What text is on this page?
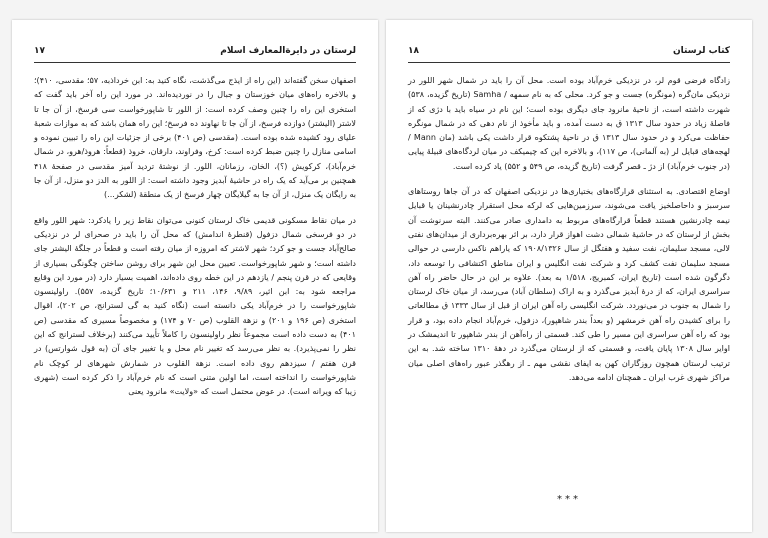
لرستان در دایرةالمعارف اسلام
۱۷

اصفهان سخن گفته‌اند (این راه از ایذج می‌گذشت، نگاه کنید به: ابن خرداذبه، ۵۷؛ مقدسی، ۴۱۰)؛ و بالاخره راه‌های میان خوزستان و جبال را در نوردیده‌اند. در مورد این راه آخر باید گفت که استخری این راه را چنین وصف کرده است: از اللور تا شاپورخواست سی فرسخ، از آن جا تا لاشتر (الیشتر) دوازده فرسخ، از آن جا تا نهاوند ده فرسخ؛ این راه همان باشد که به موازات شعبهٔ علیای رود کشیده شده بوده است. (مقدسی (ص ۴۰۱) برخی از جزئیات این راه را تبیین نموده و اسامی منازل را چنین ضبط کرده است: کرخ، وفراوند، دارقان، خروذ (قطعاً: هروذ/هرو، در شمال خرم‌آباد)، کرکویش (؟)، الخان، رزمانان، اللور. از نوشتهٔ تردید آمیز مقدسی در صفحهٔ ۴۱۸ همچنین بر می‌آید که یک راه در حاشیهٔ آبدیز وجود داشته است: از اللور به الدز دو منزل، از آن جا به رایگان یک منزل، از آن جا به گیلایگان چهار فرسخ از یک منطقهٔ (لشکر...)

در میان نقاط مسکونی قدیمی خاک لرستان کنونی می‌توان نقاط زیر را یادکرد: شهر اللور واقع در دو فرسخی شمال دزفول (قنطرهٔ اندامش) که محل آن را باید در صحرای لر در نزدیکی صالح‌آباد جست و جو کرد؛ شهر لاشتر که امروزه از میان رفته است و قطعاً در جلگهٔ الیشتر جای داشته است؛ و شهر شاپورخواست. تعیین محل این شهر برای روشن ساختن چگونگی بسیاری از وقایعی که در قرن پنجم / یازدهم در این خطه روی داده‌اند، اهمیت بسیار دارد (در مورد این وقایع مراجعه شود به: ابن اثیر، ۹/۸۹، ۱۴۶، ۲۱۱ و ۱۰/۶۳۱؛ تاریخ گزیده، ۵۵۷). راولینسون شاپورخواست را در خرم‌آباد یکی دانسته است (نگاه کنید به گی لسترانج، ص ۲۰۲)، اقوال استخری (ص ۱۹۶ و ۲۰۱) و نزهة القلوب (ص ۷۰ و ۱۷۴) و مخصوصاً مسیری که مقدسی (ص ۴۰۱) به دست داده است مجموعاً نظر راولینسون را کاملاً تأیید می‌کنند (برخلاف لسترانج که این نظر را نمی‌پذیرد). به نظر می‌رسد که تغییر نام محل و یا تغییر جای آن (به قول شوارتس) در قرن هفتم / سیزدهم روی داده است. نزهة القلوب در شمارش شهرهای لر کوچک نام شاپورخواست را انداخته است، اما اولین متنی است که نام خرم‌آباد را ذکر کرده است (شهری زیبا که ویرانه است). در عوض محتمل است که «ولایت» مانرود یعنی

کتاب لرستان
۱۸

زادگاه فرضی قوم لر، در نزدیکی خرم‌آباد بوده است. محل آن را باید در شمال شهر اللور در نزدیکی مان‌گره (مونگره) جست و جو کرد. محلی که به نام سمهه / Samha (تاریخ گزیده، ۵۳۸) شهرت داشته است، از ناحیهٔ مانرود جای دیگری بوده است؛ این نام در سیاه باید با دژی که از فاصلهٔ زیاد در حدود سال ۱۳۱۳ ق به دست آمده، و باید مأخوذ از نام دهی که در شمال مونگره حفاظت می‌کرد و در حدود سال ۱۳۱۳ ق در ناحیهٔ پشتکوه قرار داشت یکی باشد (مان Mann / لهجه‌های قبایل لر (به آلمانی)، ص ۱۱۷)، و بالاخره این که چیمیکف در میان لردگاه‌های قبیلهٔ پیایی (در جنوب خرم‌آباد) از دژ ـ قصر گرفت (تاریخ گزیده، ص ۵۴۹ و ۵۵۲) یاد کرده است.

اوضاع اقتصادی. به استثنای قرارگاه‌های بختیاری‌ها در نزدیکی اصفهان که در آن جاها روستاهای سرسبز و داحاصلخیز یافت می‌شوند، سرزمین‌هایی که لرکه محل استقرار چادرنشینان یا قبایل نیمه چادرنشین هستند قطعاً قرارگاه‌های مربوط به دامداری صادر می‌کنند. البته سرنوشت آن بخش از لرستان که در حاشیهٔ شمالی دشت اهواز قرار دارد، بر اثر بهره‌برداری از میدان‌های نفتی لالی، مسجد سلیمان، نفت سفید و هفتگل از سال ۱۹۰۸/۱۳۲۶ که یاراهم ناکس دارسی در حوالی مسجد سلیمان نفت کشف کرد و شرکت نفت انگلیس و ایران مناطق اکتشافی را توسعه داد، دگرگون شده است (تاریخ ایران، کمبریج، ۱/۵۱۸ به بعد). علاوه بر این در حال حاضر راه آهن سراسری ایران، که از درهٔ آبدیز می‌گذرد و به اراک (سلطان آباد) می‌رسد، از میان خاک لرستان را شمال به جنوب در می‌نوردد. شرکت انگلیسی راه آهن ایران از قبل از سال ۱۳۳۳ ق مطالعاتی را برای کشیدن راه آهن خرمشهر (و بعداً بندر شاهپور)، دزفول، خرم‌آباد انجام داده بود، و قرار بود که راه آهن سراسری این مسیر را طی کند. قسمتی از راه‌آهن از بندر شاهپور تا اندیمشک در اوایر سال ۱۳۰۸ پایان یافت، و قسمتی که از لرستان می‌گذرد در دههٔ ۱۳۱۰ ساخته شد. به این ترتیب لرستان همچون روزگاران کهن به ایفای نقشی مهم ـ از رهگذر عبور راه‌های اصلی میان مراکز شهری غرب ایران ـ همچنان ادامه می‌دهد.

***
